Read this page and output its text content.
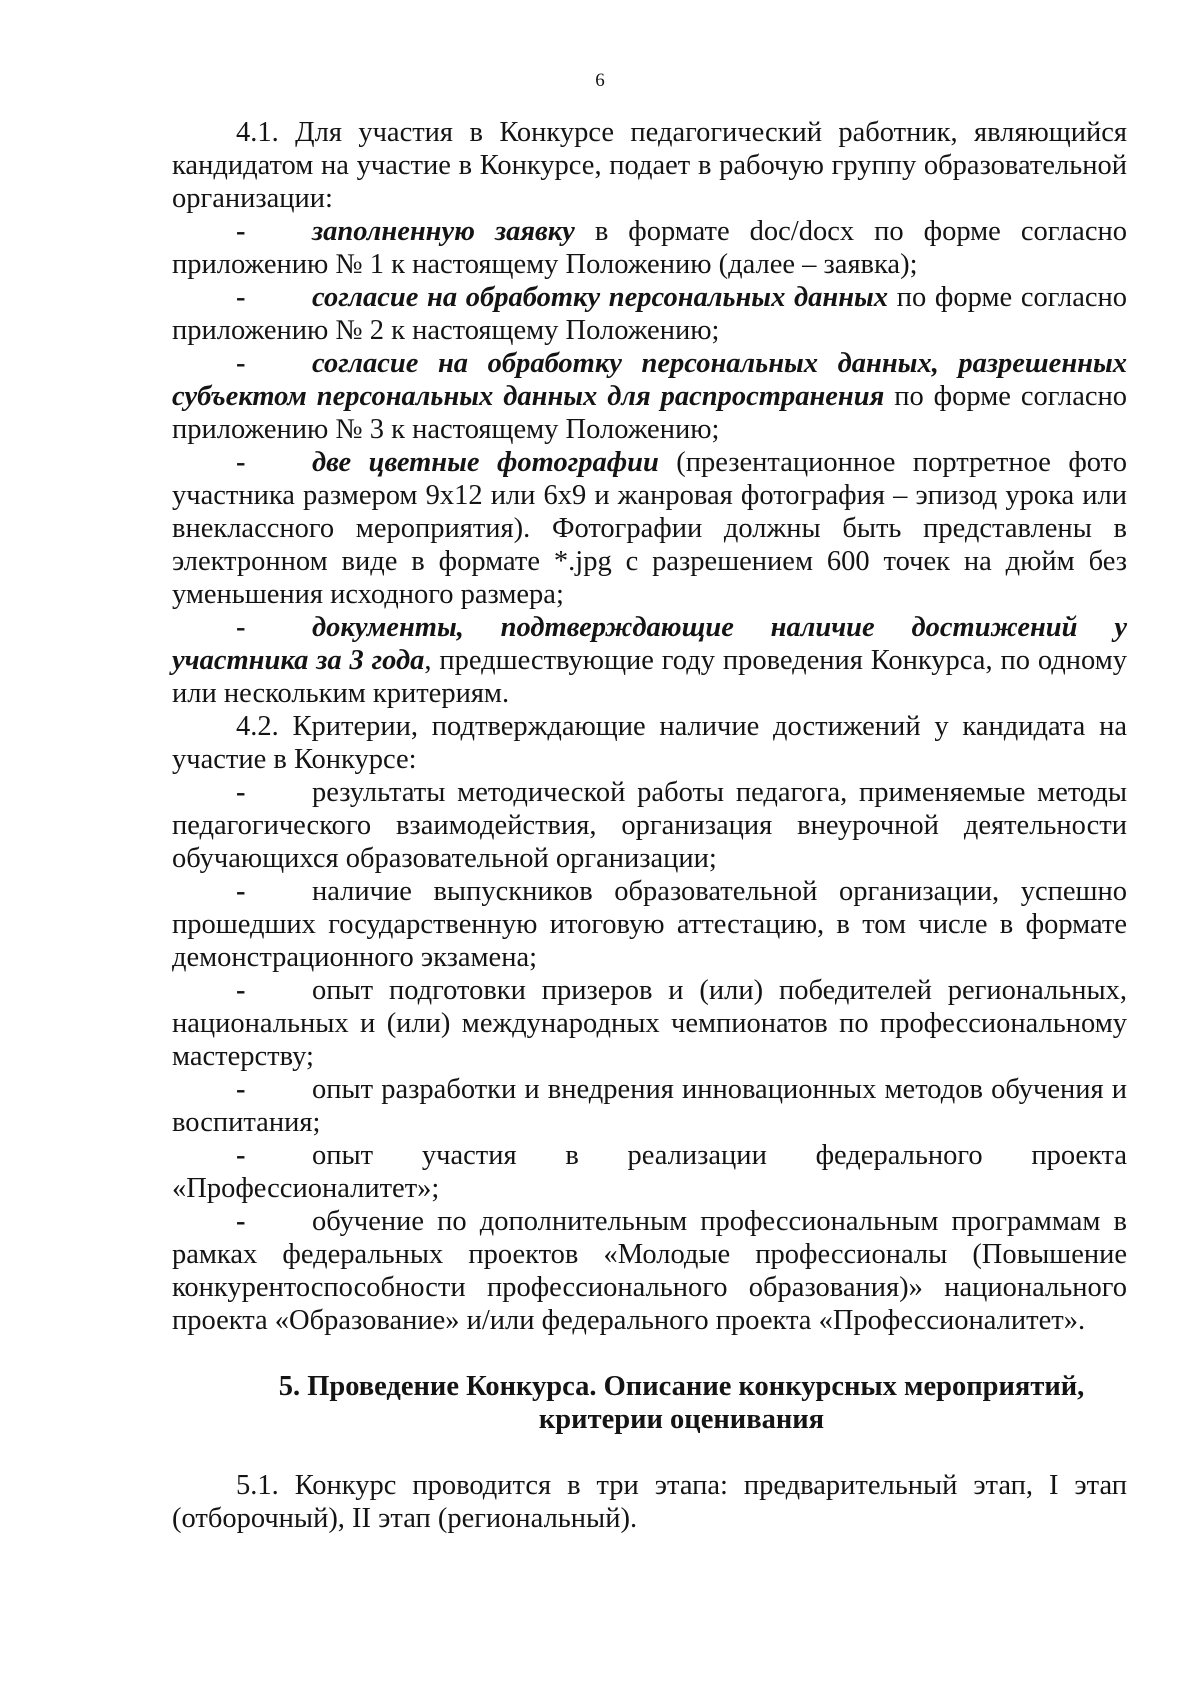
6

4.1. Для участия в Конкурсе педагогический работник, являющийся кандидатом на участие в Конкурсе, подает в рабочую группу образовательной организации:

- заполненную заявку в формате doc/docx по форме согласно приложению № 1 к настоящему Положению (далее – заявка);

- согласие на обработку персональных данных по форме согласно приложению № 2 к настоящему Положению;

- согласие на обработку персональных данных, разрешенных субъектом персональных данных для распространения по форме согласно приложению № 3 к настоящему Положению;

- две цветные фотографии (презентационное портретное фото участника размером 9х12 или 6х9 и жанровая фотография – эпизод урока или внеклассного мероприятия). Фотографии должны быть представлены в электронном виде в формате *.jpg с разрешением 600 точек на дюйм без уменьшения исходного размера;

- документы, подтверждающие наличие достижений у участника за 3 года, предшествующие году проведения Конкурса, по одному или нескольким критериям.

4.2. Критерии, подтверждающие наличие достижений у кандидата на участие в Конкурсе:

- результаты методической работы педагога, применяемые методы педагогического взаимодействия, организация внеурочной деятельности обучающихся образовательной организации;

- наличие выпускников образовательной организации, успешно прошедших государственную итоговую аттестацию, в том числе в формате демонстрационного экзамена;

- опыт подготовки призеров и (или) победителей региональных, национальных и (или) международных чемпионатов по профессиональному мастерству;

- опыт разработки и внедрения инновационных методов обучения и воспитания;

- опыт участия в реализации федерального проекта «Профессионалитет»;

- обучение по дополнительным профессиональным программам в рамках федеральных проектов «Молодые профессионалы (Повышение конкурентоспособности профессионального образования)» национального проекта «Образование» и/или федерального проекта «Профессионалитет».

5. Проведение Конкурса. Описание конкурсных мероприятий,
критерии оценивания

5.1. Конкурс проводится в три этапа: предварительный этап, I этап (отборочный), II этап (региональный).
